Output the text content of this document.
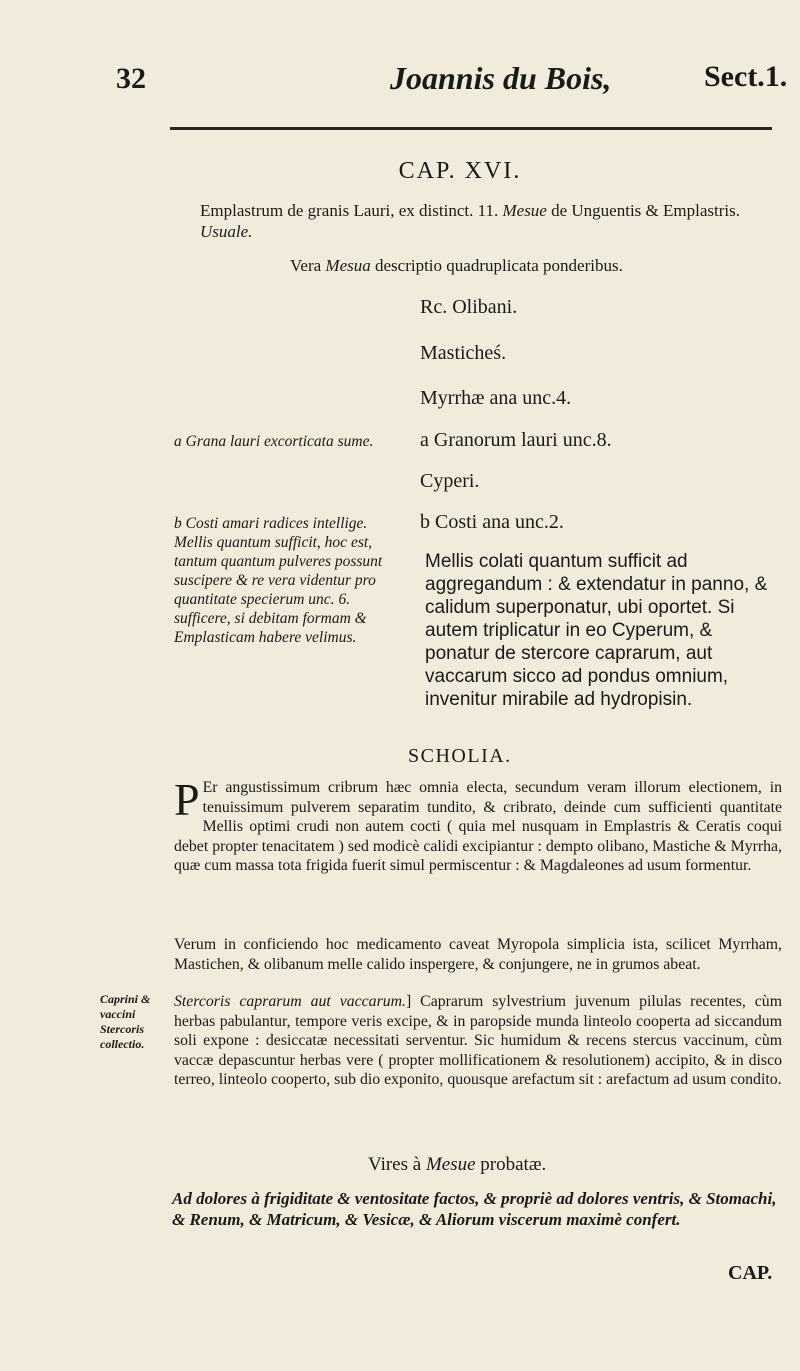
32	Joannis du Bois,	Sect.1.
CAP. XVI.
Emplastrum de granis Lauri, ex distinct. 11. Mesue de Unguentis & Emplastris.
Usuale.
Vera Mesua descriptio quadruplicata ponderibus.
Rc. Olibani.
Masticheś.
Myrrhæ ana unc.4.
a Granorum lauri unc.8.
Cyperi.
b Costi ana unc.2.
a Grana lauri excorticata sume.
b Costi amari radices intellige. Mellis quantum sufficit, hoc est, tantum quantum pulveres possunt suscipere & re vera videntur pro quantitate specierum unc. 6. sufficere, si debitam formam & Emplasticam habere velimus.
Mellis colati quantum sufficit ad aggregandum : & extendatur in panno, & calidum superponatur, ubi oportet. Si autem triplicatur in eo Cyperum, & ponatur de stercore caprarum, aut vaccarum sicco ad pondus omnium, invenitur mirabile ad hydropisin.
SCHOLIA.
P Er angustissimum cribrum hæc omnia electa, secundum veram illorum electionem, in tenuissimum pulverem separatim tundito, & cribrato, deinde cum sufficienti quantitate Mellis optimi crudi non autem cocti ( quia mel nusquam in Emplastris & Ceratis coqui debet propter tenacitatem ) sed modicè calidi excipiantur : dempto olibano, Mastiche & Myrrha, quæ cum massa tota frigida fuerit simul permiscentur : & Magdaleones ad usum formentur.
Verum in conficiendo hoc medicamento caveat Myropola simplicia ista, scilicet Myrrham, Mastichen, & olibanum melle calido inspergere, & conjungere, ne in grumos abeat.
Caprini & vaccini Stercoris collectio.
Stercoris caprarum aut vaccarum.] Caprarum sylvestrium juvenum pilulas recentes, cùm herbas pabulantur, tempore veris excipe, & in paropside munda linteolo cooperta ad siccandum soli expone : desiccatæ necessitati serventur. Sic humidum & recens stercus vaccinum, cùm vaccæ depascuntur herbas vere ( propter mollificationem & resolutionem) accipito, & in disco terreo, linteolo cooperto, sub dio exponito, quousque arefactum sit : arefactum ad usum condito.
Vires à Mesue probatæ.
Ad dolores à frigiditate & ventositate factos, & propriè ad dolores ventris, & Stomachi, & Renum, & Matricum, & Vesicæ, & Aliorum viscerum maximè confert.
CAP.
